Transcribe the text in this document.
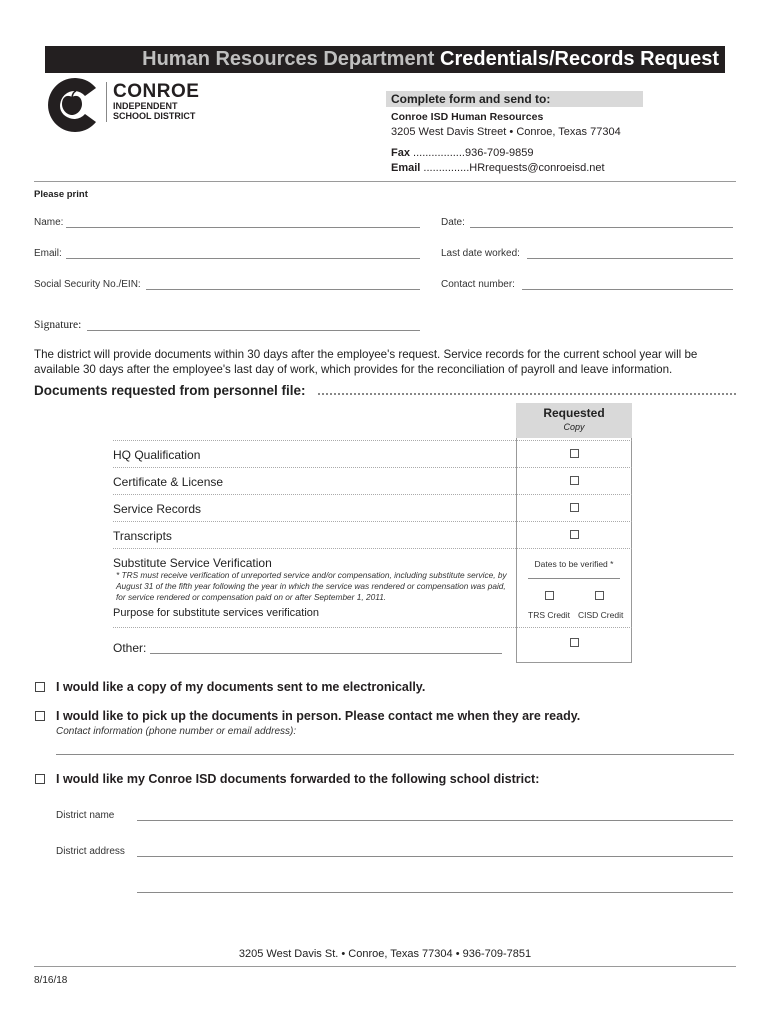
Human Resources Department Credentials/Records Request
CONROE
INDEPENDENT
SCHOOL DISTRICT
Complete form and send to:
Conroe ISD Human Resources
3205 West Davis Street • Conroe, Texas 77304
Fax .................936-709-9859
Email ...............HRrequests@conroeisd.net
Please print
Name:	Date:
Email:	Last date worked:
Social Security No./EIN:	Contact number:
Signature:
The district will provide documents within 30 days after the employee's request. Service records for the current school year will be available 30 days after the employee's last day of work, which provides for the reconciliation of payroll and leave information.
Documents requested from personnel file:
Requested
Copy
HQ Qualification
Certificate & License
Service Records
Transcripts
Substitute Service Verification
* TRS must receive verification of unreported service and/or compensation, including substitute service, by August 31 of the fifth year following the year in which the service was rendered or compensation was paid, for service rendered or compensation paid on or after September 1, 2011.
Purpose for substitute services verification
Dates to be verified *
TRS Credit CISD Credit
Other:
I would like a copy of my documents sent to me electronically.
I would like to pick up the documents in person. Please contact me when they are ready.
Contact information (phone number or email address):
I would like my Conroe ISD documents forwarded to the following school district:
District name
District address
3205 West Davis St. • Conroe, Texas 77304 • 936-709-7851
8/16/18
